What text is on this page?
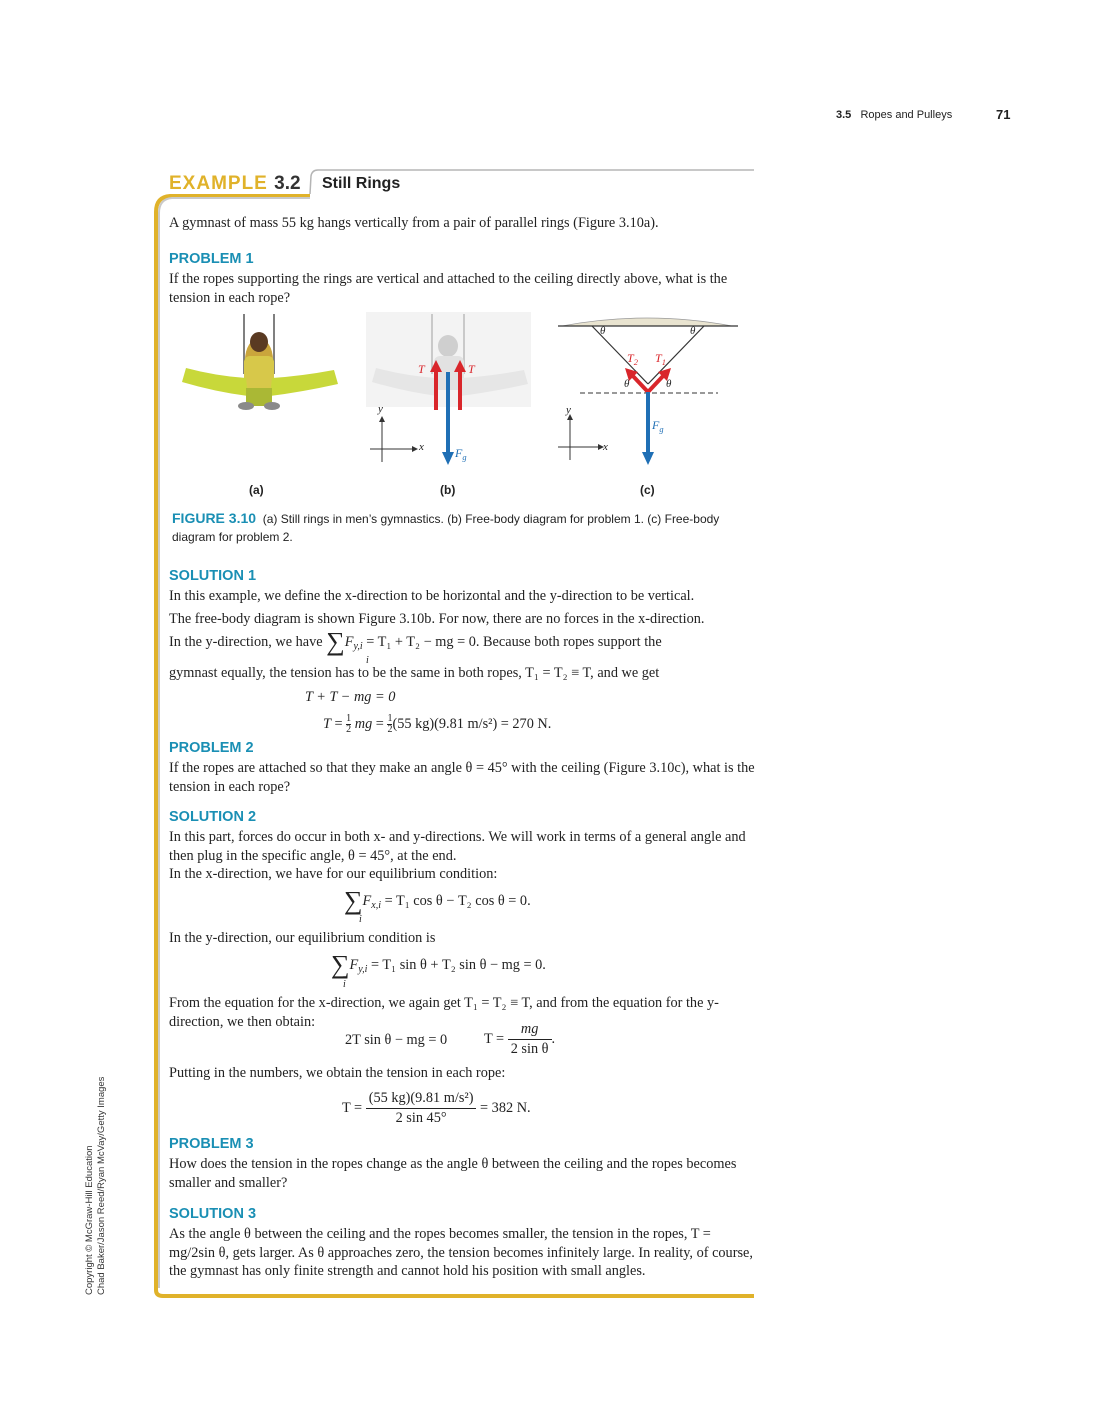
3.5 Ropes and Pulleys	71
EXAMPLE 3.2 Still Rings
A gymnast of mass 55 kg hangs vertically from a pair of parallel rings (Figure 3.10a).
PROBLEM 1
If the ropes supporting the rings are vertical and attached to the ceiling directly above, what is the tension in each rope?
T	T
$F_g$
y
x
θ	θ
θ	θ
$T_2$ $T_1$
$F_g$
y
x
(a)	(b)	(c)
FIGURE 3.10 (a) Still rings in men’s gymnastics. (b) Free-body diagram for problem 1. (c) Free-body diagram for problem 2.
SOLUTION 1
In this example, we define the x-direction to be horizontal and the y-direction to be vertical.
The free-body diagram is shown Figure 3.10b. For now, there are no forces in the x-direction.
In the y-direction, we have $\sum F_{y,i} = T_1 + T_2$ − mg = 0. Because both ropes support the
i
gymnast equally, the tension has to be the same in both ropes, T₁ = T₂ ≡ T, and we get
T + T − mg = 0
$T = \frac{1}{2}$ mg = $\frac{1}{2} (55$ kg)(9.81 m/s²) = 270 N.
PROBLEM 2
If the ropes are attached so that they make an angle θ = 45° with the ceiling (Figure 3.10c), what is the tension in each rope?
SOLUTION 2
In this part, forces do occur in both x- and y-directions. We will work in terms of a general angle and then plug in the specific angle, θ = 45°, at the end.
In the x-direction, we have for our equilibrium condition:
$\sum F_{x,i} = T_1$ cos θ − T₂ cos θ = 0.
i
In the y-direction, our equilibrium condition is
$\sum F_{y,i} = T_1$ sin θ + T₂ sin θ − mg = 0.
i
From the equation for the x-direction, we again get T₁ = T₂ ≡ T, and from the equation for the y-direction, we then obtain:
2T sin θ − mg = 0	$T = \frac{mg}{\text{2 sin θ}}$ .
Putting in the numbers, we obtain the tension in each rope:
$T = \frac{\text{(55 kg)(9.81 m/s²)}}{2 \sin 45^\circ} = 382$ N.
PROBLEM 3
How does the tension in the ropes change as the angle θ between the ceiling and the ropes becomes smaller and smaller?
SOLUTION 3
As the angle θ between the ceiling and the ropes becomes smaller, the tension in the ropes, T = mg/2sin θ, gets larger. As θ approaches zero, the tension becomes infinitely large. In reality, of course, the gymnast has only finite strength and cannot hold his position with small angles.
Copyright © McGraw-Hill Education Chad Baker/Jason Reed/Ryan McVay/Getty Images
